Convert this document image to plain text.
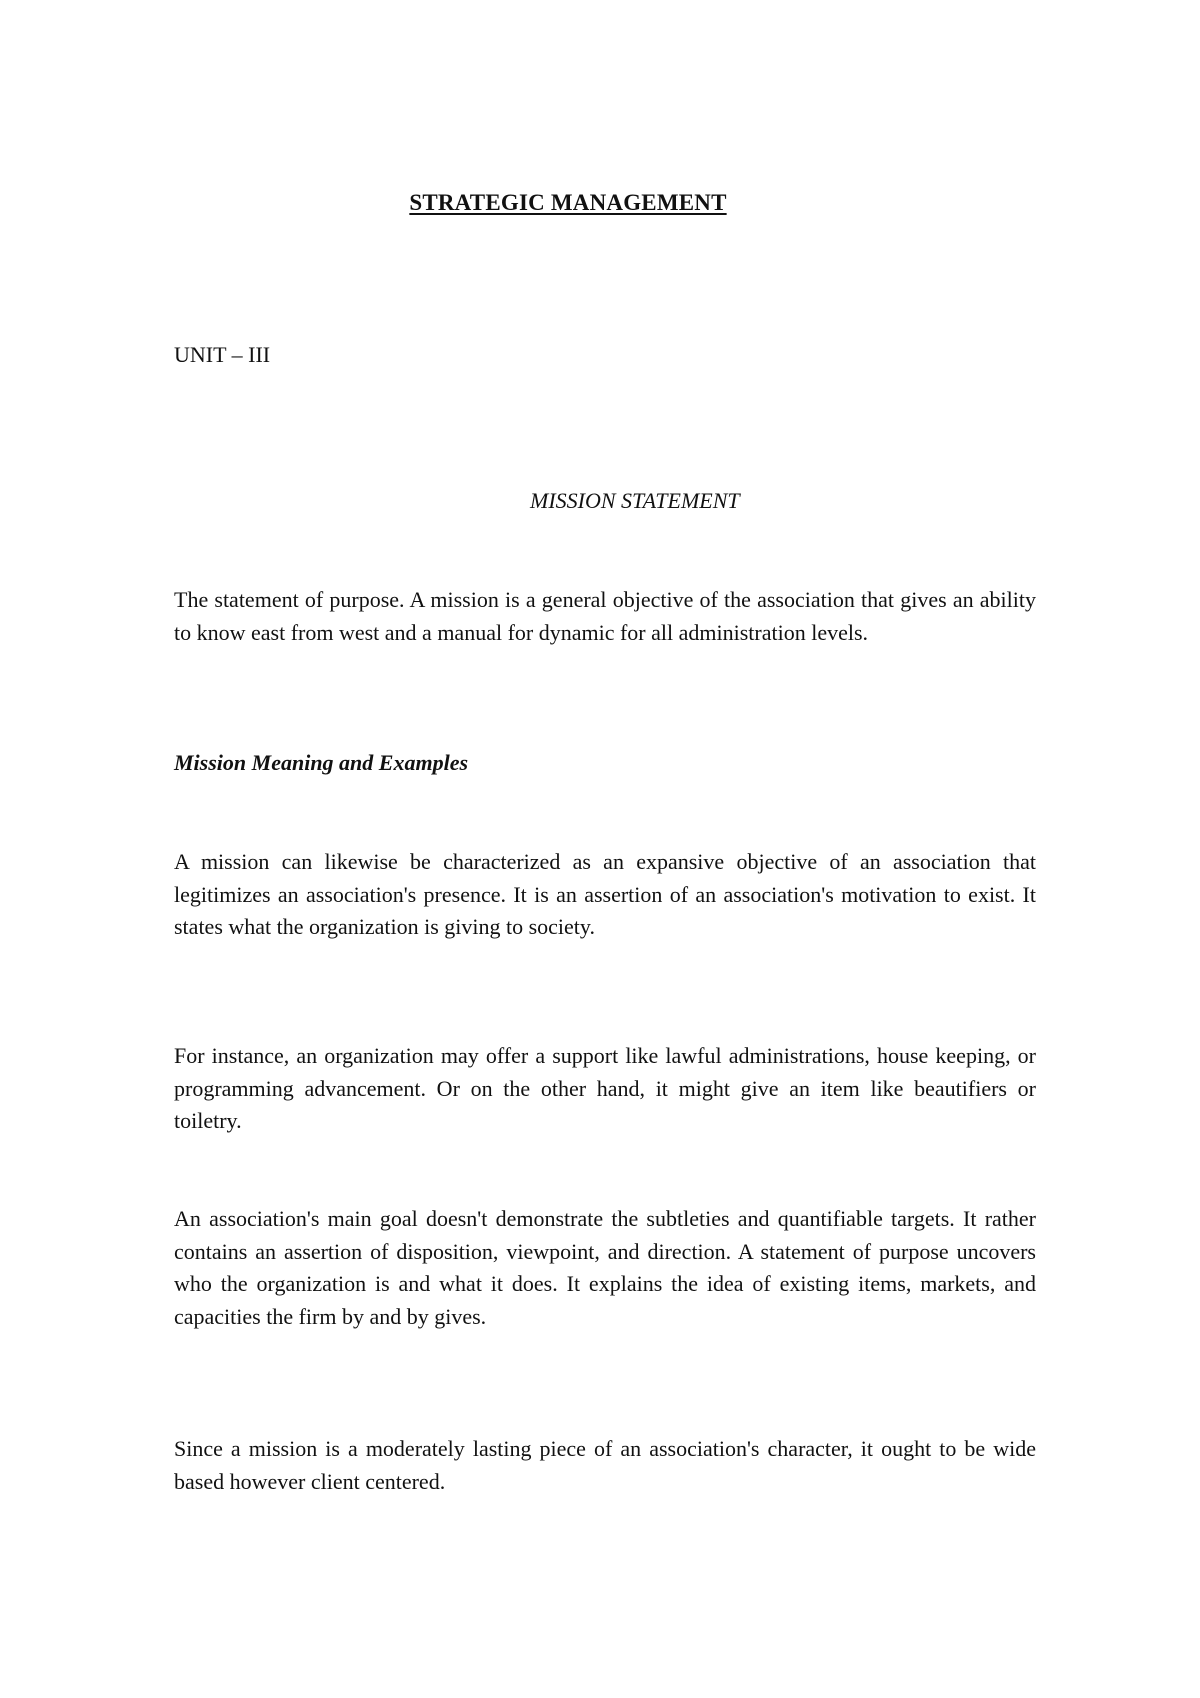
STRATEGIC MANAGEMENT
UNIT – III
MISSION STATEMENT
The statement of purpose. A mission is a general objective of the association that gives an ability to know east from west and a manual for dynamic for all administration levels.
Mission Meaning and Examples
A mission can likewise be characterized as an expansive objective of an association that legitimizes an association's presence. It is an assertion of an association's motivation to exist. It states what the organization is giving to society.
For instance, an organization may offer a support like lawful administrations, house keeping, or programming advancement. Or on the other hand, it might give an item like beautifiers or toiletry.
An association's main goal doesn't demonstrate the subtleties and quantifiable targets. It rather contains an assertion of disposition, viewpoint, and direction. A statement of purpose uncovers who the organization is and what it does. It explains the idea of existing items, markets, and capacities the firm by and by gives.
Since a mission is a moderately lasting piece of an association's character, it ought to be wide based however client centered.
